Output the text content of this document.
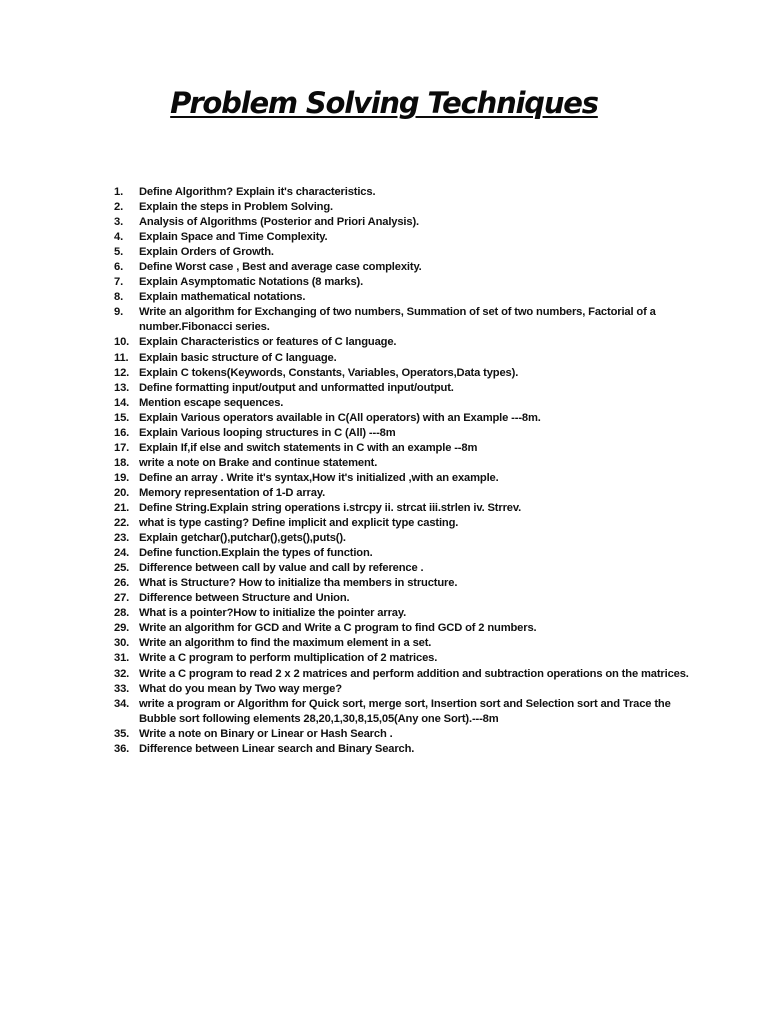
Problem Solving Techniques
1.	Define Algorithm? Explain it's characteristics.
2.	Explain the steps in Problem Solving.
3.	Analysis of Algorithms (Posterior and Priori Analysis).
4.	Explain Space and Time Complexity.
5.	Explain Orders of Growth.
6.	Define Worst case , Best and average case complexity.
7.	Explain Asymptomatic Notations (8 marks).
8.	Explain mathematical notations.
9.	Write an algorithm for Exchanging of two numbers, Summation of set of two numbers, Factorial of a number.Fibonacci series.
10. Explain Characteristics or features of C language.
11. Explain basic structure of C language.
12. Explain C tokens(Keywords, Constants, Variables, Operators,Data types).
13. Define formatting input/output and unformatted input/output.
14. Mention escape sequences.
15. Explain Various operators available in C(All operators) with an Example ---8m.
16. Explain Various looping structures in C (All) ---8m
17. Explain If,if else and switch statements in C with an example --8m
18. write a note on Brake and continue statement.
19. Define an array . Write it's syntax,How it's initialized ,with an example.
20. Memory representation of 1-D array.
21. Define String.Explain string operations i.strcpy ii. strcat iii.strlen iv. Strrev.
22. what is type casting? Define implicit and explicit type casting.
23. Explain getchar(),putchar(),gets(),puts().
24. Define function.Explain the types of function.
25. Difference between call by value and call by reference .
26. What is Structure? How to initialize tha members in structure.
27. Difference between Structure and Union.
28. What is a pointer?How to initialize the pointer array.
29. Write an algorithm for GCD and Write a C program to find GCD of 2 numbers.
30. Write an algorithm to find the maximum element in a set.
31. Write a C program to perform multiplication of 2 matrices.
32. Write a C program to read 2 x 2 matrices and perform addition and subtraction operations on the matrices.
33. What do you mean by Two way merge?
34. write a program or Algorithm for Quick sort, merge sort, Insertion sort and Selection sort and Trace the Bubble sort following elements 28,20,1,30,8,15,05(Any one Sort).---8m
35. Write a note on Binary or Linear or Hash Search .
36. Difference between Linear search and Binary Search.
